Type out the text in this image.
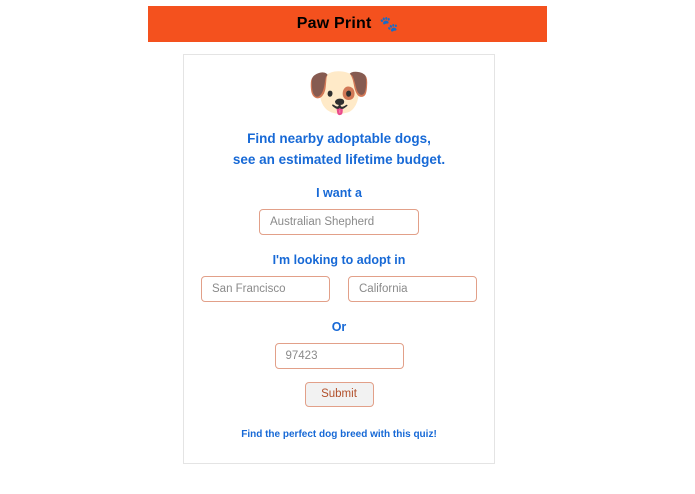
Paw Print 🐾
🐶
Find nearby adoptable dogs,
see an estimated lifetime budget.
I want a
Australian Shepherd
I'm looking to adopt in
San Francisco
California
Or
97423
Submit
Find the perfect dog breed with this quiz!
